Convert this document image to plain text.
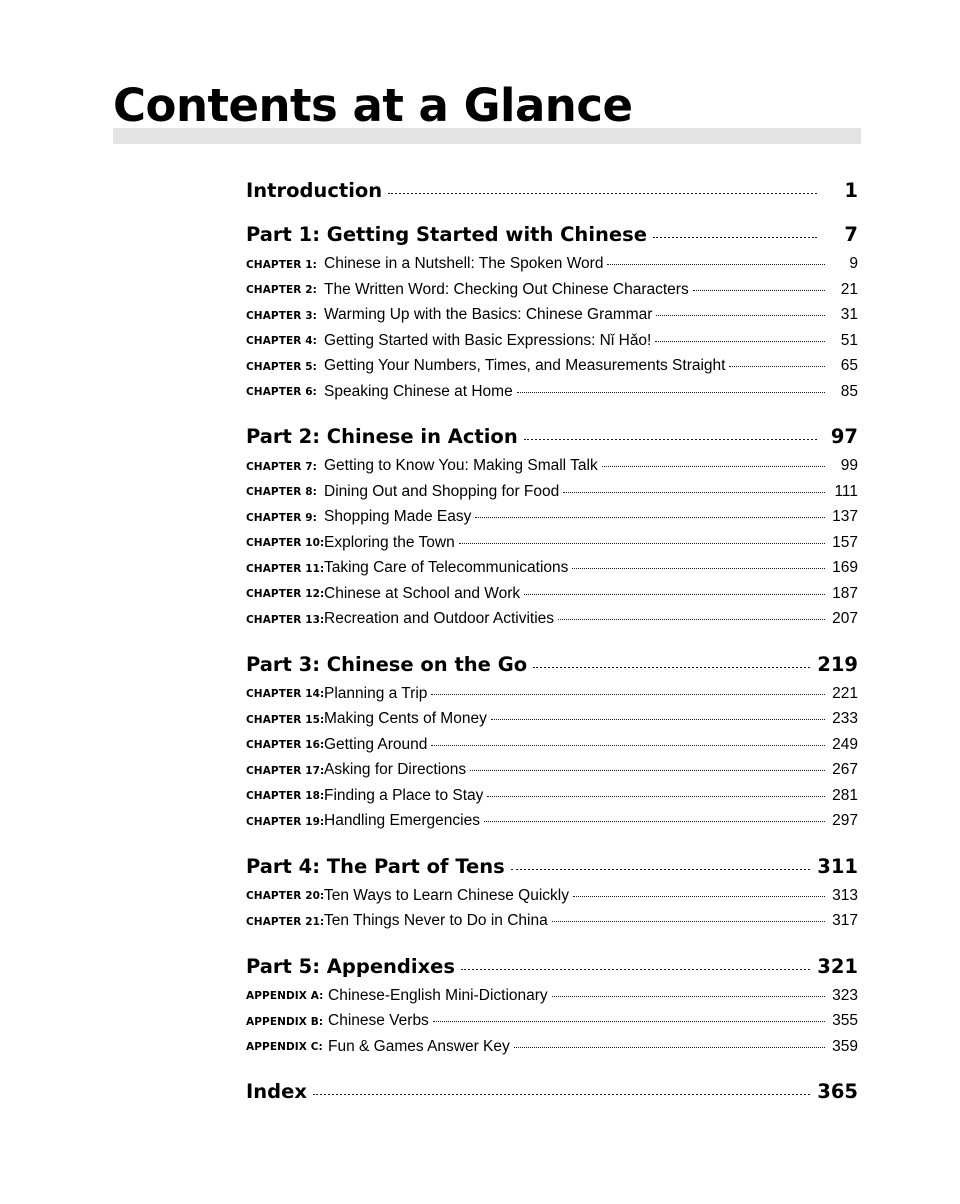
Contents at a Glance
Introduction	1
Part 1: Getting Started with Chinese	7
CHAPTER 1: Chinese in a Nutshell: The Spoken Word	9
CHAPTER 2: The Written Word: Checking Out Chinese Characters	21
CHAPTER 3: Warming Up with the Basics: Chinese Grammar	31
CHAPTER 4: Getting Started with Basic Expressions: Nǐ Hǎo!	51
CHAPTER 5: Getting Your Numbers, Times, and Measurements Straight	65
CHAPTER 6: Speaking Chinese at Home	85
Part 2: Chinese in Action	97
CHAPTER 7: Getting to Know You: Making Small Talk	99
CHAPTER 8: Dining Out and Shopping for Food	111
CHAPTER 9: Shopping Made Easy	137
CHAPTER 10: Exploring the Town	157
CHAPTER 11: Taking Care of Telecommunications	169
CHAPTER 12: Chinese at School and Work	187
CHAPTER 13: Recreation and Outdoor Activities	207
Part 3: Chinese on the Go	219
CHAPTER 14: Planning a Trip	221
CHAPTER 15: Making Cents of Money	233
CHAPTER 16: Getting Around	249
CHAPTER 17: Asking for Directions	267
CHAPTER 18: Finding a Place to Stay	281
CHAPTER 19: Handling Emergencies	297
Part 4: The Part of Tens	311
CHAPTER 20: Ten Ways to Learn Chinese Quickly	313
CHAPTER 21: Ten Things Never to Do in China	317
Part 5: Appendixes	321
APPENDIX A: Chinese-English Mini-Dictionary	323
APPENDIX B: Chinese Verbs	355
APPENDIX C: Fun & Games Answer Key	359
Index	365
